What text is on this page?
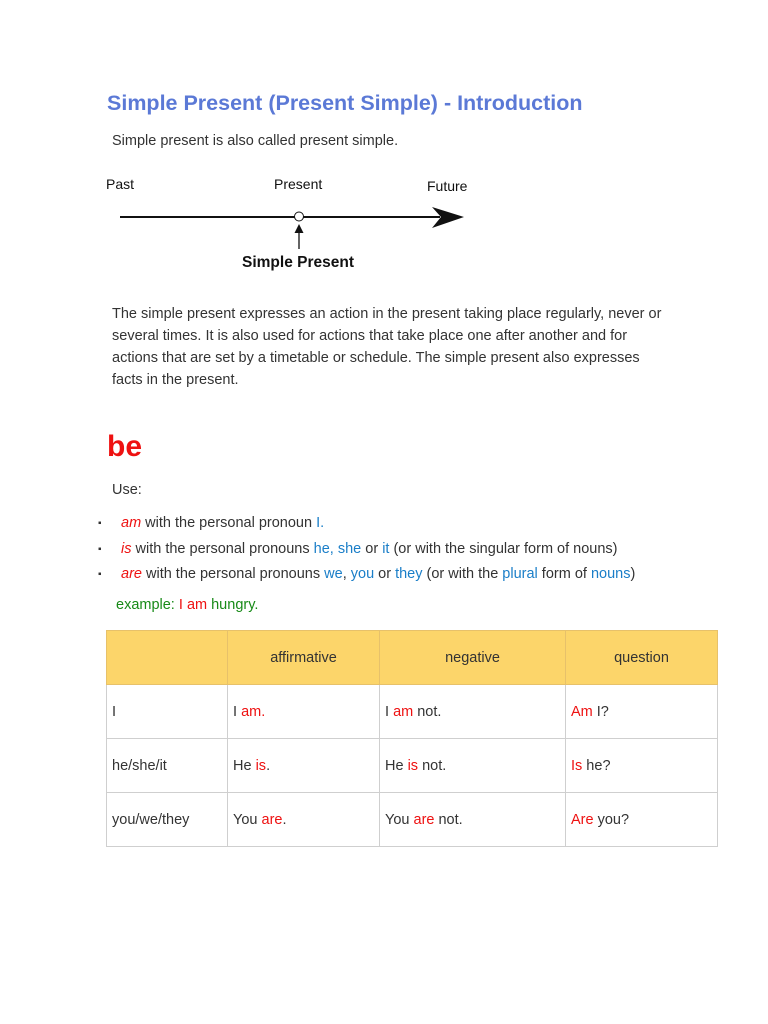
Simple Present (Present Simple) - Introduction

Simple present is also called present simple.

Past	Present	Future
Simple Present

The simple present expresses an action in the present taking place regularly, never or several times. It is also used for actions that take place one after another and for actions that are set by a timetable or schedule. The simple present also expresses facts in the present.

be

Use:

▪ am with the personal pronoun I.
▪ is with the personal pronouns he, she or it (or with the singular form of nouns)
▪ are with the personal pronouns we, you or they (or with the plural form of nouns)

example: I am hungry.

	affirmative	negative	question
I	I am.	I am not.	Am I?
he/she/it	He is.	He is not.	Is he?
you/we/they	You are.	You are not.	Are you?
